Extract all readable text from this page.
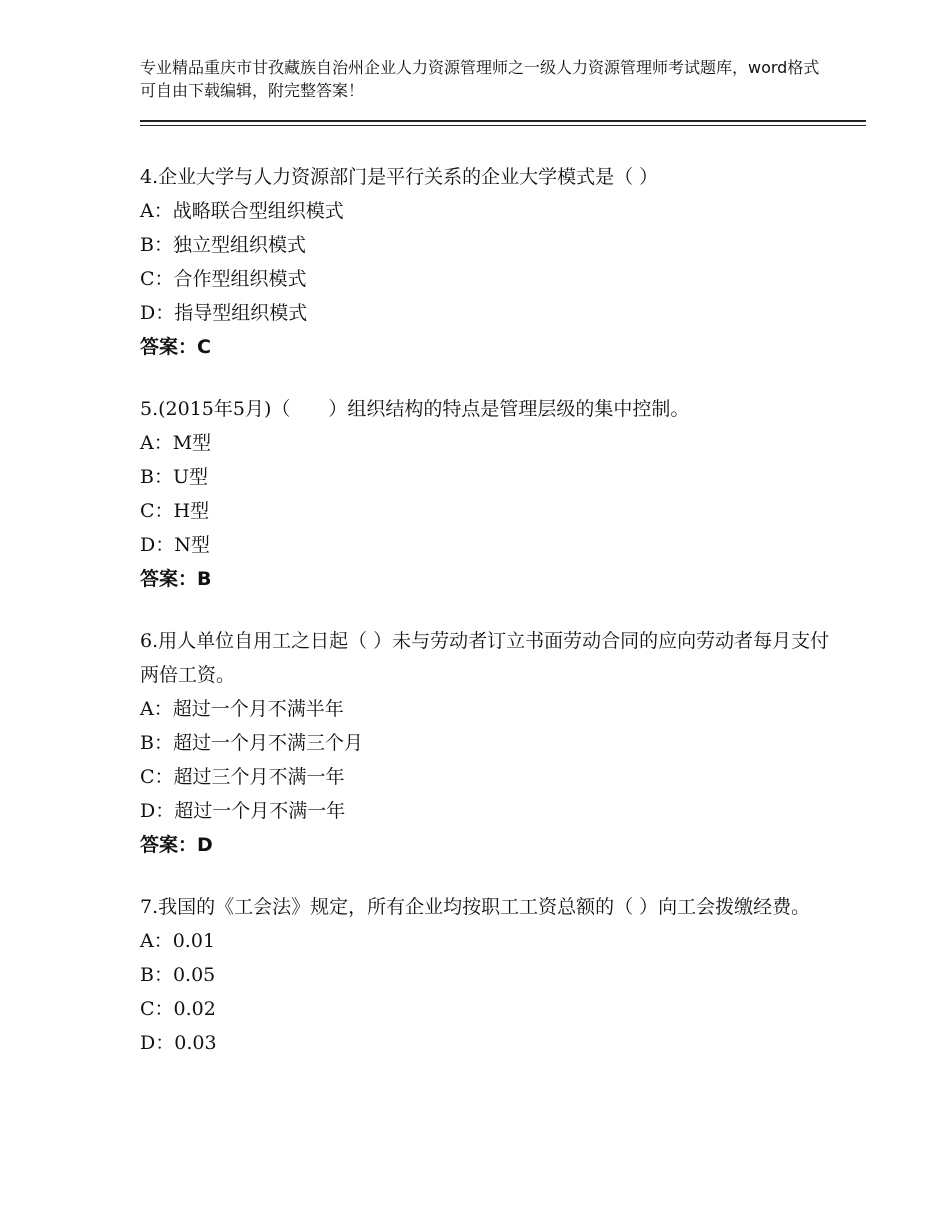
专业精品重庆市甘孜藏族自治州企业人力资源管理师之一级人力资源管理师考试题库，word格式可自由下载编辑，附完整答案！
4.企业大学与人力资源部门是平行关系的企业大学模式是（ ）
A：战略联合型组织模式
B：独立型组织模式
C：合作型组织模式
D：指导型组织模式
答案：C
5.(2015年5月)（　　）组织结构的特点是管理层级的集中控制。
A：M型
B：U型
C：H型
D：N型
答案：B
6.用人单位自用工之日起（ ）未与劳动者订立书面劳动合同的应向劳动者每月支付两倍工资。
A：超过一个月不满半年
B：超过一个月不满三个月
C：超过三个月不满一年
D：超过一个月不满一年
答案：D
7.我国的《工会法》规定，所有企业均按职工工资总额的（ ）向工会拨缴经费。
A：0.01
B：0.05
C：0.02
D：0.03
